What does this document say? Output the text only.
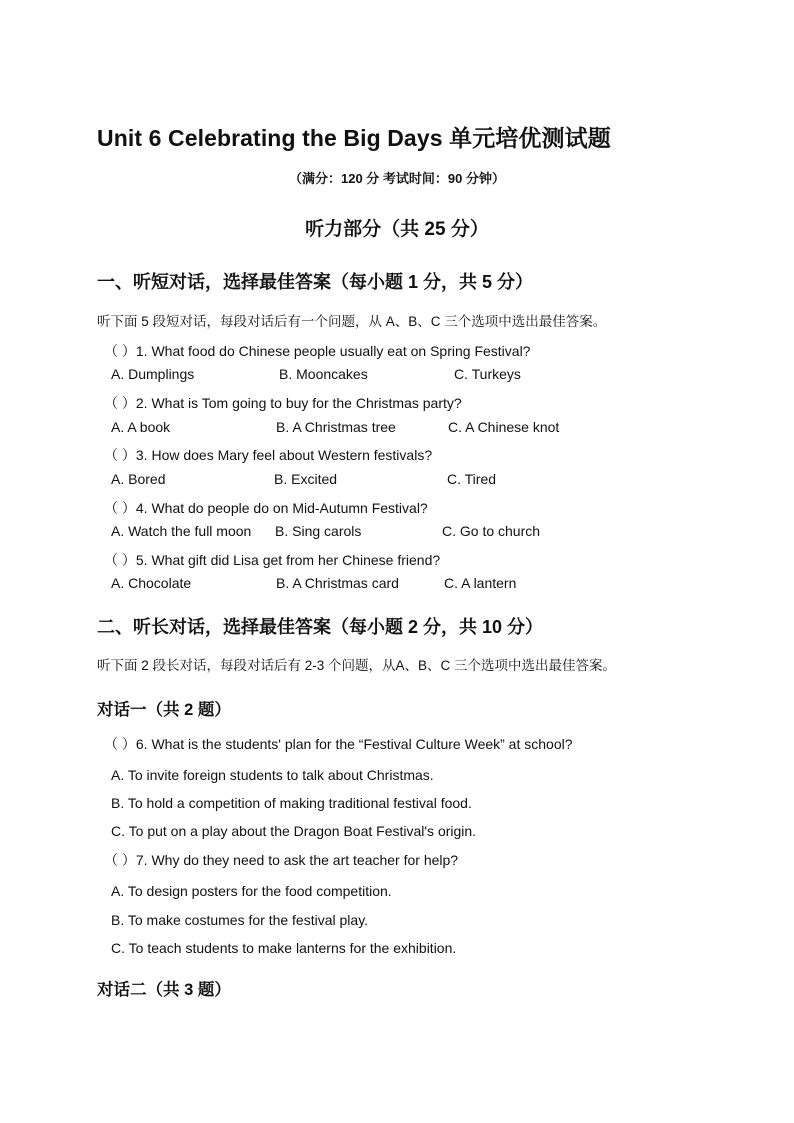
Unit 6 Celebrating the Big Days 单元培优测试题
（满分：120 分 考试时间：90 分钟）
听力部分（共 25 分）
一、听短对话，选择最佳答案（每小题 1 分，共 5 分）
听下面 5 段短对话，每段对话后有一个问题，从 A、B、C 三个选项中选出最佳答案。
（ ）1. What food do Chinese people usually eat on Spring Festival?
A. Dumplings	B. Mooncakes	C. Turkeys
（ ）2. What is Tom going to buy for the Christmas party?
A. A book	B. A Christmas tree	C. A Chinese knot
（ ）3. How does Mary feel about Western festivals?
A. Bored	B. Excited	C. Tired
（ ）4. What do people do on Mid-Autumn Festival?
A. Watch the full moon B. Sing carols	C. Go to church
（ ）5. What gift did Lisa get from her Chinese friend?
A. Chocolate	B. A Christmas card	C. A lantern
二、听长对话，选择最佳答案（每小题 2 分，共 10 分）
听下面 2 段长对话，每段对话后有 2-3 个问题，从A、B、C 三个选项中选出最佳答案。
对话一（共 2 题）
（ ）6. What is the students' plan for the “Festival Culture Week” at school?
A. To invite foreign students to talk about Christmas.
B. To hold a competition of making traditional festival food.
C. To put on a play about the Dragon Boat Festival's origin.
（ ）7. Why do they need to ask the art teacher for help?
A. To design posters for the food competition.
B. To make costumes for the festival play.
C. To teach students to make lanterns for the exhibition.
对话二（共 3 题）
